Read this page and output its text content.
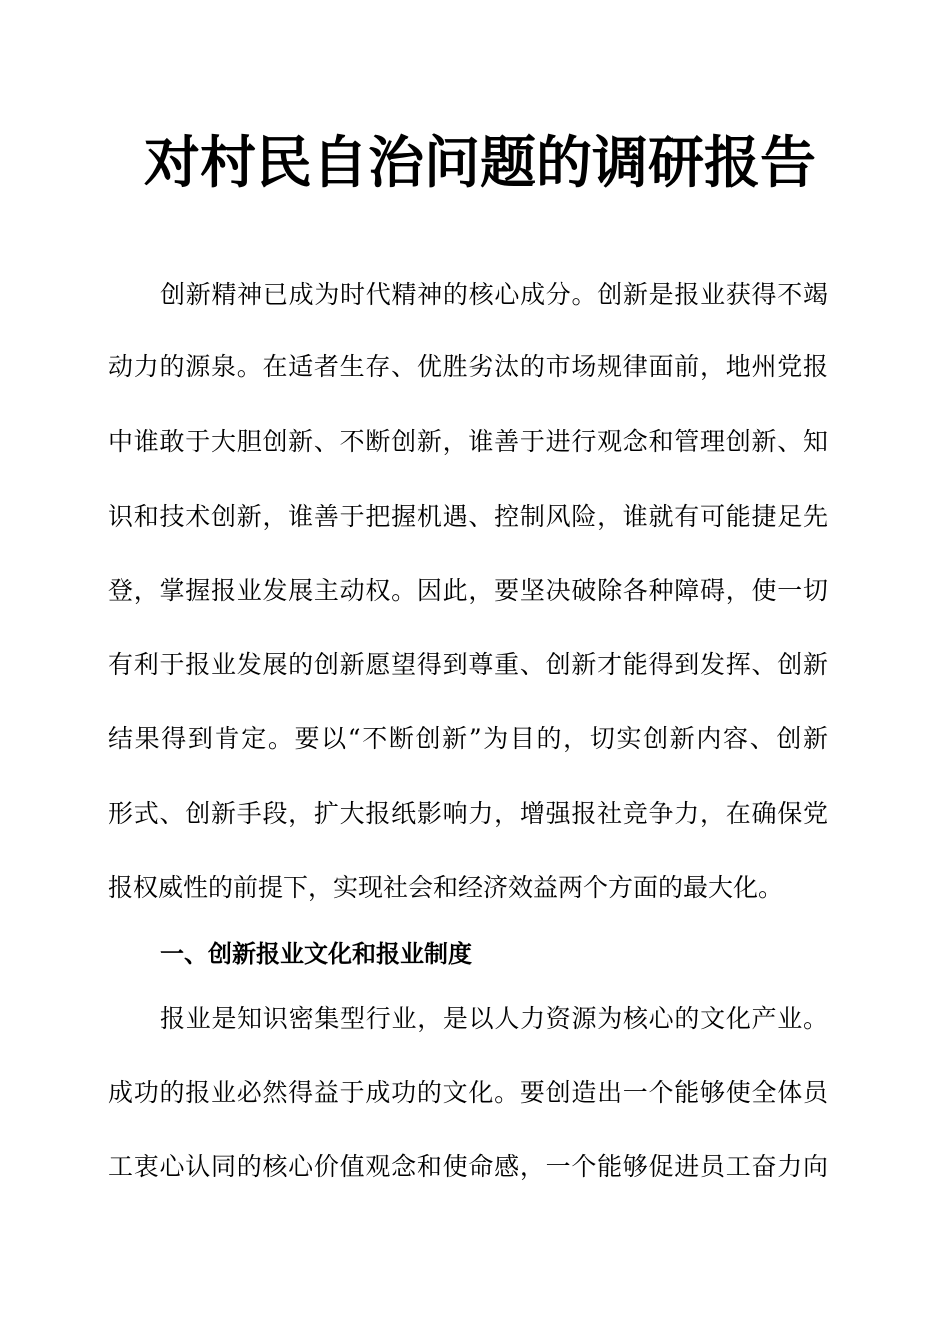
对村民自治问题的调研报告

创新精神已成为时代精神的核心成分。创新是报业获得不竭

动力的源泉。在适者生存、优胜劣汰的市场规律面前，地州党报

中谁敢于大胆创新、不断创新，谁善于进行观念和管理创新、知

识和技术创新，谁善于把握机遇、控制风险，谁就有可能捷足先

登，掌握报业发展主动权。因此，要坚决破除各种障碍，使一切

有利于报业发展的创新愿望得到尊重、创新才能得到发挥、创新

结果得到肯定。要以“不断创新”为目的，切实创新内容、创新

形式、创新手段，扩大报纸影响力，增强报社竞争力，在确保党

报权威性的前提下，实现社会和经济效益两个方面的最大化。

一、创新报业文化和报业制度

报业是知识密集型行业，是以人力资源为核心的文化产业。

成功的报业必然得益于成功的文化。要创造出一个能够使全体员

工衷心认同的核心价值观念和使命感，一个能够促进员工奋力向
